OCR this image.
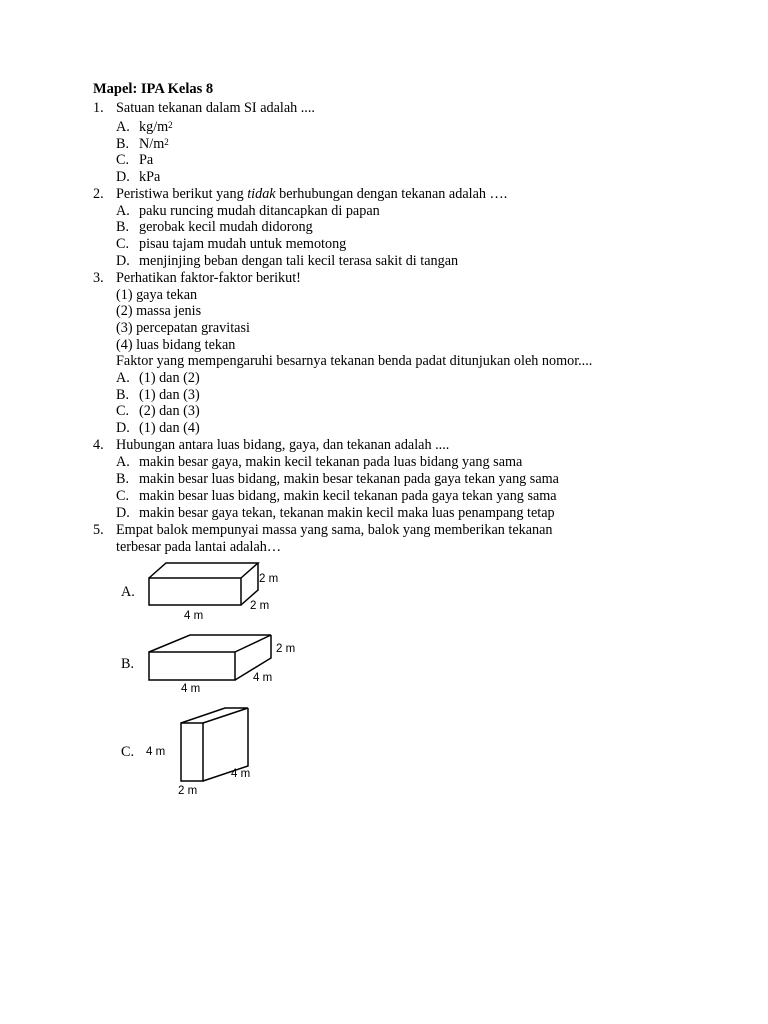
Mapel: IPA Kelas 8
1. Satuan tekanan dalam SI adalah ....
A. $kg/m^2$
B. $N/m^2$
C. Pa
D. kPa
2. Peristiwa berikut yang tidak berhubungan dengan tekanan adalah ….
A. paku runcing mudah ditancapkan di papan
B. gerobak kecil mudah didorong
C. pisau tajam mudah untuk memotong
D. menjinjing beban dengan tali kecil terasa sakit di tangan
3. Perhatikan faktor-faktor berikut!
(1) gaya tekan
(2) massa jenis
(3) percepatan gravitasi
(4) luas bidang tekan
Faktor yang mempengaruhi besarnya tekanan benda padat ditunjukan oleh nomor....
A. (1) dan (2)
B. (1) dan (3)
C. (2) dan (3)
D. (1) dan (4)
4. Hubungan antara luas bidang, gaya, dan tekanan adalah ....
A. makin besar gaya, makin kecil tekanan pada luas bidang yang sama
B. makin besar luas bidang, makin besar tekanan pada gaya tekan yang sama
C. makin besar luas bidang, makin kecil tekanan pada gaya tekan yang sama
D. makin besar gaya tekan, tekanan makin kecil maka luas penampang tetap
5. Empat balok mempunyai massa yang sama, balok yang memberikan tekanan
terbesar pada lantai adalah…
A.
2 m
2 m
4 m
B.
2 m
4 m
4 m
C. 4 m
4 m
2 m
